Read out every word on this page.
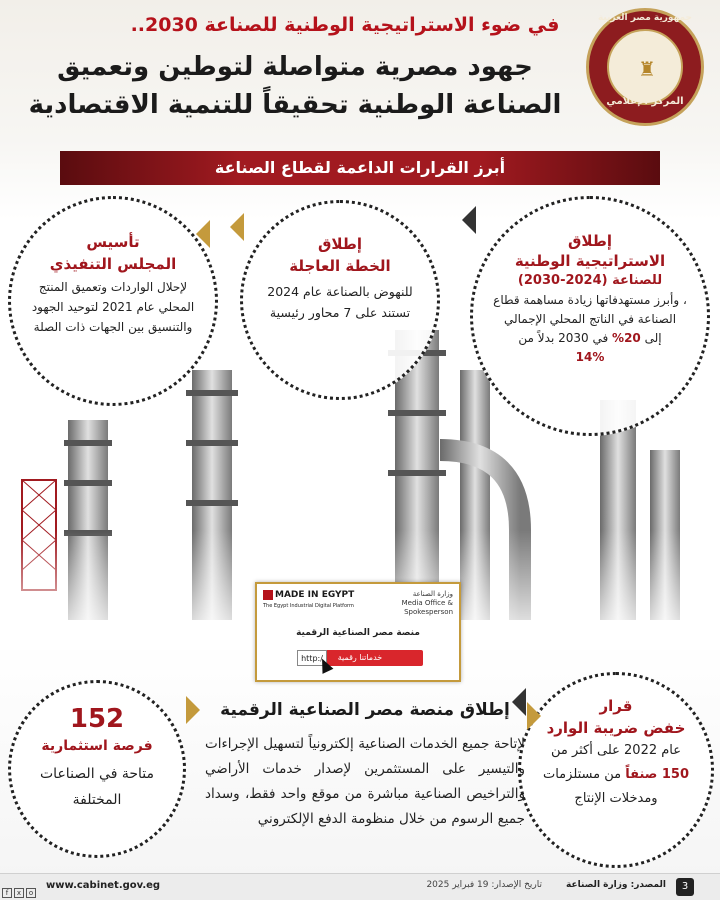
جمهورية مصر العربية
♜
المركز الإعلامي
في ضوء الاستراتيجية الوطنية للصناعة 2030..
جهود مصرية متواصلة لتوطين وتعميق
الصناعة الوطنية تحقيقاً للتنمية الاقتصادية
أبرز القرارات الداعمة لقطاع الصناعة
إطلاق
الاستراتيجية الوطنية
للصناعة (2024-2030)
، وأبرز مستهدفاتها زيادة مساهمة قطاع الصناعة في الناتج المحلي الإجمالي
إلى 20% في 2030 بدلاً من
14%
إطلاق
الخطة العاجلة
للنهوض بالصناعة عام 2024 تستند على 7 محاور رئيسية
تأسيس
المجلس التنفيذي
لإحلال الواردات وتعميق المنتج المحلي عام 2021 لتوحيد الجهود والتنسيق بين الجهات ذات الصلة
MADE IN EGYPT
The Egypt Industrial Digital Platform
وزارة الصناعة
Media Office & Spokesperson
منصة مصر الصناعية الرقمية
خدماتنا رقمية
http:/
قرار
خفض ضريبة الوارد
عام 2022 على أكثر من
150 صنفاً من مستلزمات
ومدخلات الإنتاج
152
فرصة استثمارية
متاحة في الصناعات المختلفة
إطلاق منصة مصر الصناعية الرقمية
لإتاحة جميع الخدمات الصناعية إلكترونياً لتسهيل الإجراءات والتيسير على المستثمرين لإصدار خدمات الأراضي والتراخيص الصناعية مباشرة من موقع واحد فقط، وسداد جميع الرسوم من خلال منظومة الدفع الإلكتروني
3
المصدر: وزارة الصناعة
تاريخ الإصدار: 19 فبراير 2025
www.cabinet.gov.eg
f x o
